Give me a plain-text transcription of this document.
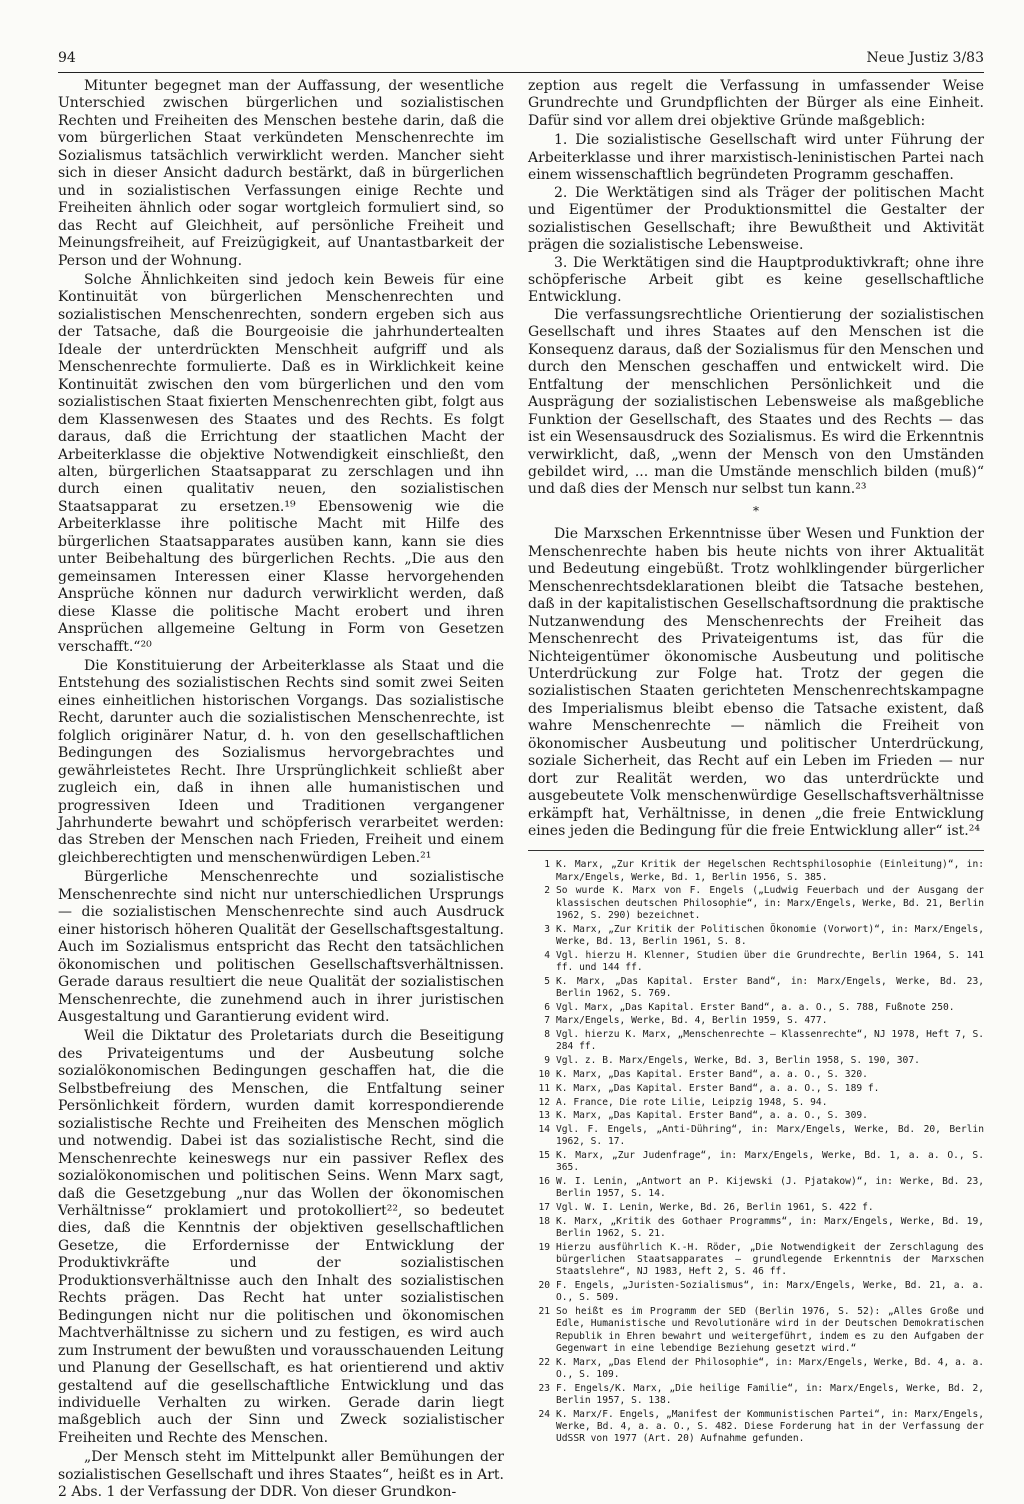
94	Neue Justiz 3/83

Mitunter begegnet man der Auffassung, der wesentliche Unterschied zwischen bürgerlichen und sozialistischen Rechten und Freiheiten des Menschen bestehe darin, daß die vom bürgerlichen Staat verkündeten Menschenrechte im Sozialismus tatsächlich verwirklicht werden. Mancher sieht sich in dieser Ansicht dadurch bestärkt, daß in bürgerlichen und in sozialistischen Verfassungen einige Rechte und Freiheiten ähnlich oder sogar wortgleich formuliert sind, so das Recht auf Gleichheit, auf persönliche Freiheit und Meinungsfreiheit, auf Freizügigkeit, auf Unantastbarkeit der Person und der Wohnung.

Solche Ähnlichkeiten sind jedoch kein Beweis für eine Kontinuität von bürgerlichen Menschenrechten und sozialistischen Menschenrechten, sondern ergeben sich aus der Tatsache, daß die Bourgeoisie die jahrhundertealten Ideale der unterdrückten Menschheit aufgriff und als Menschenrechte formulierte. Daß es in Wirklichkeit keine Kontinuität zwischen den vom bürgerlichen und den vom sozialistischen Staat fixierten Menschenrechten gibt, folgt aus dem Klassenwesen des Staates und des Rechts. Es folgt daraus, daß die Errichtung der staatlichen Macht der Arbeiterklasse die objektive Notwendigkeit einschließt, den alten, bürgerlichen Staatsapparat zu zerschlagen und ihn durch einen qualitativ neuen, den sozialistischen Staatsapparat zu ersetzen.¹⁹ Ebensowenig wie die Arbeiterklasse ihre politische Macht mit Hilfe des bürgerlichen Staatsapparates ausüben kann, kann sie dies unter Beibehaltung des bürgerlichen Rechts. „Die aus den gemeinsamen Interessen einer Klasse hervorgehenden Ansprüche können nur dadurch verwirklicht werden, daß diese Klasse die politische Macht erobert und ihren Ansprüchen allgemeine Geltung in Form von Gesetzen verschafft.“²⁰

Die Konstituierung der Arbeiterklasse als Staat und die Entstehung des sozialistischen Rechts sind somit zwei Seiten eines einheitlichen historischen Vorgangs. Das sozialistische Recht, darunter auch die sozialistischen Menschenrechte, ist folglich originärer Natur, d. h. von den gesellschaftlichen Bedingungen des Sozialismus hervorgebrachtes und gewährleistetes Recht. Ihre Ursprünglichkeit schließt aber zugleich ein, daß in ihnen alle humanistischen und progressiven Ideen und Traditionen vergangener Jahrhunderte bewahrt und schöpferisch verarbeitet werden: das Streben der Menschen nach Frieden, Freiheit und einem gleichberechtigten und menschenwürdigen Leben.²¹

Bürgerliche Menschenrechte und sozialistische Menschenrechte sind nicht nur unterschiedlichen Ursprungs — die sozialistischen Menschenrechte sind auch Ausdruck einer historisch höheren Qualität der Gesellschaftsgestaltung. Auch im Sozialismus entspricht das Recht den tatsächlichen ökonomischen und politischen Gesellschaftsverhältnissen. Gerade daraus resultiert die neue Qualität der sozialistischen Menschenrechte, die zunehmend auch in ihrer juristischen Ausgestaltung und Garantierung evident wird.

Weil die Diktatur des Proletariats durch die Beseitigung des Privateigentums und der Ausbeutung solche sozialökonomischen Bedingungen geschaffen hat, die die Selbstbefreiung des Menschen, die Entfaltung seiner Persönlichkeit fördern, wurden damit korrespondierende sozialistische Rechte und Freiheiten des Menschen möglich und notwendig. Dabei ist das sozialistische Recht, sind die Menschenrechte keineswegs nur ein passiver Reflex des sozialökonomischen und politischen Seins. Wenn Marx sagt, daß die Gesetzgebung „nur das Wollen der ökonomischen Verhältnisse“ proklamiert und protokolliert²², so bedeutet dies, daß die Kenntnis der objektiven gesellschaftlichen Gesetze, die Erfordernisse der Entwicklung der Produktivkräfte und der sozialistischen Produktionsverhältnisse auch den Inhalt des sozialistischen Rechts prägen. Das Recht hat unter sozialistischen Bedingungen nicht nur die politischen und ökonomischen Machtverhältnisse zu sichern und zu festigen, es wird auch zum Instrument der bewußten und vorausschauenden Leitung und Planung der Gesellschaft, es hat orientierend und aktiv gestaltend auf die gesellschaftliche Entwicklung und das individuelle Verhalten zu wirken. Gerade darin liegt maßgeblich auch der Sinn und Zweck sozialistischer Freiheiten und Rechte des Menschen.

„Der Mensch steht im Mittelpunkt aller Bemühungen der sozialistischen Gesellschaft und ihres Staates“, heißt es in Art. 2 Abs. 1 der Verfassung der DDR. Von dieser Grundkon-

zeption aus regelt die Verfassung in umfassender Weise Grundrechte und Grundpflichten der Bürger als eine Einheit. Dafür sind vor allem drei objektive Gründe maßgeblich:

1. Die sozialistische Gesellschaft wird unter Führung der Arbeiterklasse und ihrer marxistisch-leninistischen Partei nach einem wissenschaftlich begründeten Programm geschaffen.

2. Die Werktätigen sind als Träger der politischen Macht und Eigentümer der Produktionsmittel die Gestalter der sozialistischen Gesellschaft; ihre Bewußtheit und Aktivität prägen die sozialistische Lebensweise.

3. Die Werktätigen sind die Hauptproduktivkraft; ohne ihre schöpferische Arbeit gibt es keine gesellschaftliche Entwicklung.

Die verfassungsrechtliche Orientierung der sozialistischen Gesellschaft und ihres Staates auf den Menschen ist die Konsequenz daraus, daß der Sozialismus für den Menschen und durch den Menschen geschaffen und entwickelt wird. Die Entfaltung der menschlichen Persönlichkeit und die Ausprägung der sozialistischen Lebensweise als maßgebliche Funktion der Gesellschaft, des Staates und des Rechts — das ist ein Wesensausdruck des Sozialismus. Es wird die Erkenntnis verwirklicht, daß, „wenn der Mensch von den Umständen gebildet wird, ... man die Umstände menschlich bilden (muß)“ und daß dies der Mensch nur selbst tun kann.²³

*

Die Marxschen Erkenntnisse über Wesen und Funktion der Menschenrechte haben bis heute nichts von ihrer Aktualität und Bedeutung eingebüßt. Trotz wohlklingender bürgerlicher Menschenrechtsdeklarationen bleibt die Tatsache bestehen, daß in der kapitalistischen Gesellschaftsordnung die praktische Nutzanwendung des Menschenrechts der Freiheit das Menschenrecht des Privateigentums ist, das für die Nichteigentümer ökonomische Ausbeutung und politische Unterdrückung zur Folge hat. Trotz der gegen die sozialistischen Staaten gerichteten Menschenrechtskampagne des Imperialismus bleibt ebenso die Tatsache existent, daß wahre Menschenrechte — nämlich die Freiheit von ökonomischer Ausbeutung und politischer Unterdrückung, soziale Sicherheit, das Recht auf ein Leben im Frieden — nur dort zur Realität werden, wo das unterdrückte und ausgebeutete Volk menschenwürdige Gesellschaftsverhältnisse erkämpft hat, Verhältnisse, in denen „die freie Entwicklung eines jeden die Bedingung für die freie Entwicklung aller“ ist.²⁴

1 K. Marx, „Zur Kritik der Hegelschen Rechtsphilosophie (Einleitung)“, in: Marx/Engels, Werke, Bd. 1, Berlin 1956, S. 385.
2 So wurde K. Marx von F. Engels („Ludwig Feuerbach und der Ausgang der klassischen deutschen Philosophie“, in: Marx/Engels, Werke, Bd. 21, Berlin 1962, S. 290) bezeichnet.
3 K. Marx, „Zur Kritik der Politischen Ökonomie (Vorwort)“, in: Marx/Engels, Werke, Bd. 13, Berlin 1961, S. 8.
4 Vgl. hierzu H. Klenner, Studien über die Grundrechte, Berlin 1964, S. 141 ff. und 144 ff.
5 K. Marx, „Das Kapital. Erster Band“, in: Marx/Engels, Werke, Bd. 23, Berlin 1962, S. 769.
6 Vgl. Marx, „Das Kapital. Erster Band“, a. a. O., S. 788, Fußnote 250.
7 Marx/Engels, Werke, Bd. 4, Berlin 1959, S. 477.
8 Vgl. hierzu K. Marx, „Menschenrechte – Klassenrechte“, NJ 1978, Heft 7, S. 284 ff.
9 Vgl. z. B. Marx/Engels, Werke, Bd. 3, Berlin 1958, S. 190, 307.
10 K. Marx, „Das Kapital. Erster Band“, a. a. O., S. 320.
11 K. Marx, „Das Kapital. Erster Band“, a. a. O., S. 189 f.
12 A. France, Die rote Lilie, Leipzig 1948, S. 94.
13 K. Marx, „Das Kapital. Erster Band“, a. a. O., S. 309.
14 Vgl. F. Engels, „Anti-Dühring“, in: Marx/Engels, Werke, Bd. 20, Berlin 1962, S. 17.
15 K. Marx, „Zur Judenfrage“, in: Marx/Engels, Werke, Bd. 1, a. a. O., S. 365.
16 W. I. Lenin, „Antwort an P. Kijewski (J. Pjatakow)“, in: Werke, Bd. 23, Berlin 1957, S. 14.
17 Vgl. W. I. Lenin, Werke, Bd. 26, Berlin 1961, S. 422 f.
18 K. Marx, „Kritik des Gothaer Programms“, in: Marx/Engels, Werke, Bd. 19, Berlin 1962, S. 21.
19 Hierzu ausführlich K.-H. Röder, „Die Notwendigkeit der Zerschlagung des bürgerlichen Staatsapparates – grundlegende Erkenntnis der Marxschen Staatslehre“, NJ 1983, Heft 2, S. 46 ff.
20 F. Engels, „Juristen-Sozialismus“, in: Marx/Engels, Werke, Bd. 21, a. a. O., S. 509.
21 So heißt es im Programm der SED (Berlin 1976, S. 52): „Alles Große und Edle, Humanistische und Revolutionäre wird in der Deutschen Demokratischen Republik in Ehren bewahrt und weitergeführt, indem es zu den Aufgaben der Gegenwart in eine lebendige Beziehung gesetzt wird.“
22 K. Marx, „Das Elend der Philosophie“, in: Marx/Engels, Werke, Bd. 4, a. a. O., S. 109.
23 F. Engels/K. Marx, „Die heilige Familie“, in: Marx/Engels, Werke, Bd. 2, Berlin 1957, S. 138.
24 K. Marx/F. Engels, „Manifest der Kommunistischen Partei“, in: Marx/Engels, Werke, Bd. 4, a. a. O., S. 482. Diese Forderung hat in der Verfassung der UdSSR von 1977 (Art. 20) Aufnahme gefunden.
